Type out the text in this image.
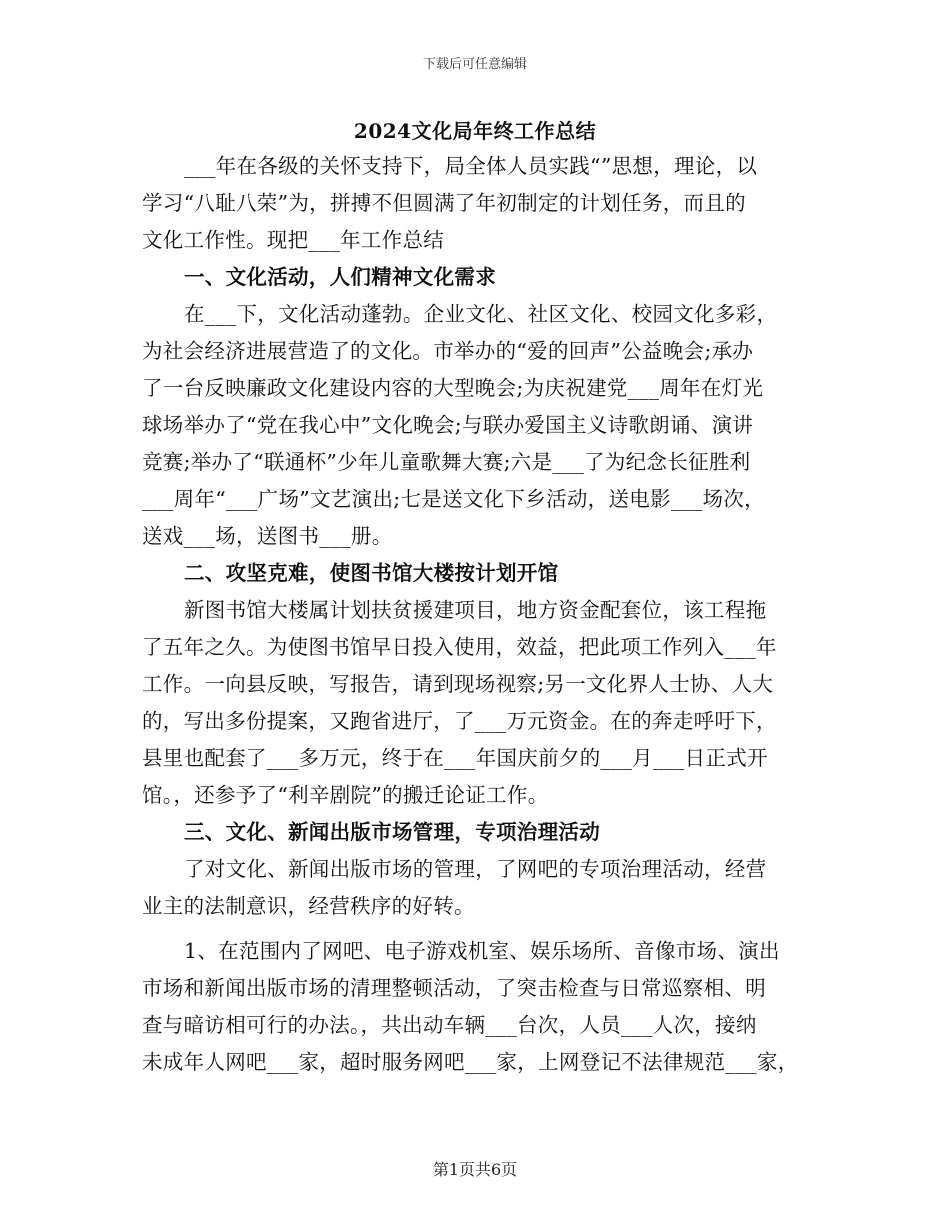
下载后可任意编辑
2024文化局年终工作总结
___年在各级的关怀支持下，局全体人员实践“”思想，理论，以
学习“八耻八荣”为，拼搏不但圆满了年初制定的计划任务，而且的
文化工作性。现把___年工作总结
一、文化活动，人们精神文化需求
在___下，文化活动蓬勃。企业文化、社区文化、校园文化多彩，
为社会经济进展营造了的文化。市举办的“爱的回声”公益晚会;承办
了一台反映廉政文化建设内容的大型晚会;为庆祝建党___周年在灯光
球场举办了“党在我心中”文化晚会;与联办爱国主义诗歌朗诵、演讲
竞赛;举办了“联通杯”少年儿童歌舞大赛;六是___了为纪念长征胜利
___周年“___广场”文艺演出;七是送文化下乡活动，送电影___场次，
送戏___场，送图书___册。
二、攻坚克难，使图书馆大楼按计划开馆
新图书馆大楼属计划扶贫援建项目，地方资金配套位，该工程拖
了五年之久。为使图书馆早日投入使用，效益，把此项工作列入___年
工作。一向县反映，写报告，请到现场视察;另一文化界人士协、人大
的，写出多份提案，又跑省进厅，了___万元资金。在的奔走呼吁下，
县里也配套了___多万元，终于在___年国庆前夕的___月___日正式开
馆。，还参予了“利辛剧院”的搬迁论证工作。
三、文化、新闻出版市场管理，专项治理活动
了对文化、新闻出版市场的管理，了网吧的专项治理活动，经营
业主的法制意识，经营秩序的好转。
1、在范围内了网吧、电子游戏机室、娱乐场所、音像市场、演出
市场和新闻出版市场的清理整顿活动，了突击检查与日常巡察相、明
查与暗访相可行的办法。，共出动车辆___台次，人员___人次，接纳
未成年人网吧___家，超时服务网吧___家，上网登记不法律规范___家，
第1页共6页
